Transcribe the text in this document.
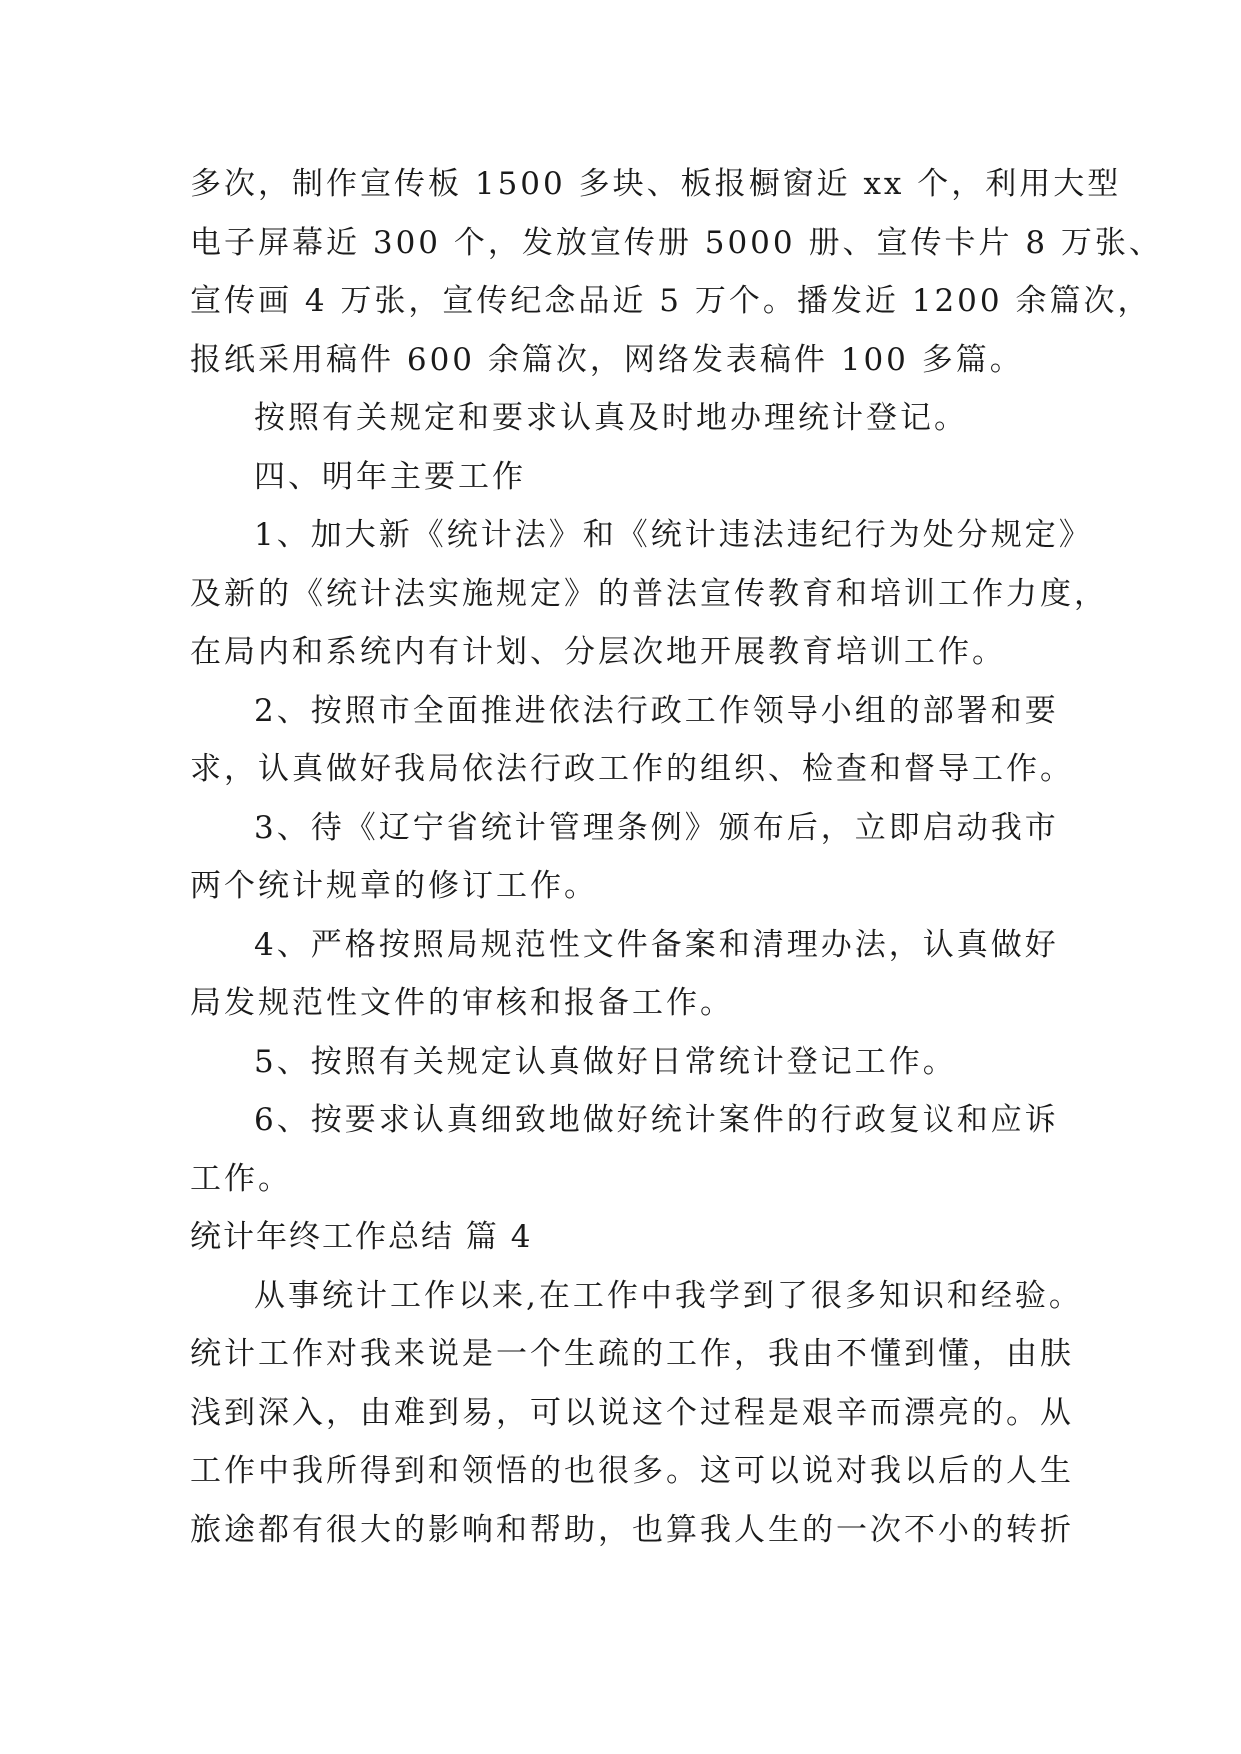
多次，制作宣传板 1500 多块、板报橱窗近 xx 个，利用大型
电子屏幕近 300 个，发放宣传册 5000 册、宣传卡片 8 万张、
宣传画 4 万张，宣传纪念品近 5 万个。播发近 1200 余篇次，
报纸采用稿件 600 余篇次，网络发表稿件 100 多篇。
按照有关规定和要求认真及时地办理统计登记。
四、明年主要工作
1、加大新《统计法》和《统计违法违纪行为处分规定》
及新的《统计法实施规定》的普法宣传教育和培训工作力度，
在局内和系统内有计划、分层次地开展教育培训工作。
2、按照市全面推进依法行政工作领导小组的部署和要
求，认真做好我局依法行政工作的组织、检查和督导工作。
3、待《辽宁省统计管理条例》颁布后，立即启动我市
两个统计规章的修订工作。
4、严格按照局规范性文件备案和清理办法，认真做好
局发规范性文件的审核和报备工作。
5、按照有关规定认真做好日常统计登记工作。
6、按要求认真细致地做好统计案件的行政复议和应诉
工作。
统计年终工作总结 篇 4
从事统计工作以来,在工作中我学到了很多知识和经验。
统计工作对我来说是一个生疏的工作，我由不懂到懂，由肤
浅到深入，由难到易，可以说这个过程是艰辛而漂亮的。从
工作中我所得到和领悟的也很多。这可以说对我以后的人生
旅途都有很大的影响和帮助，也算我人生的一次不小的转折
